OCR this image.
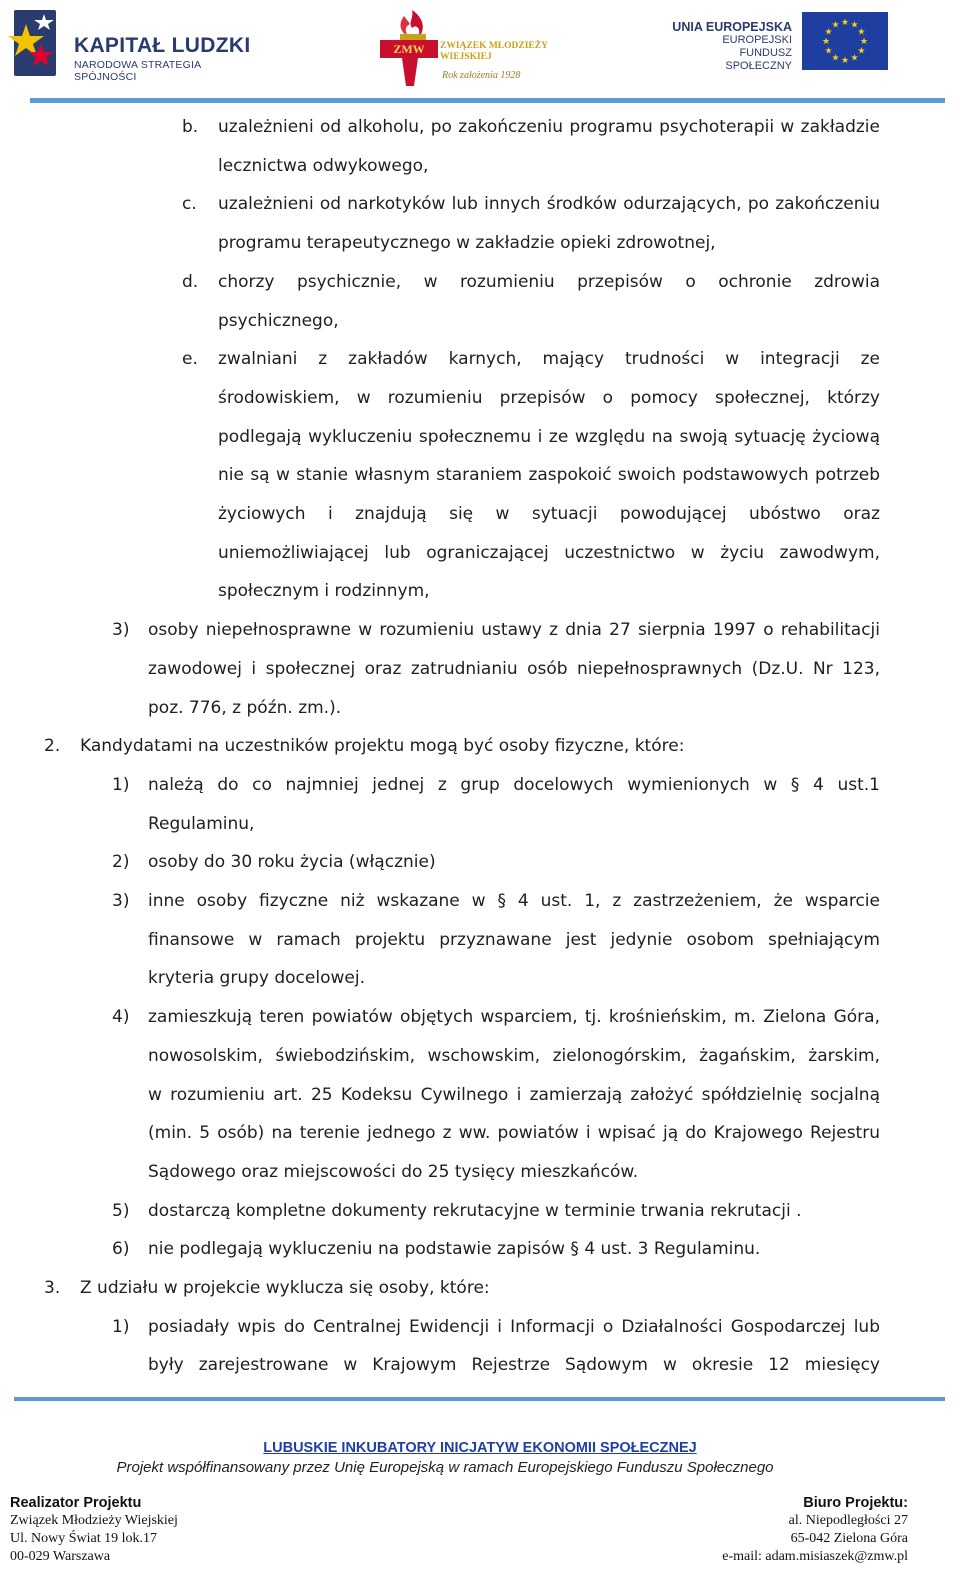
KAPITAŁ LUDZKI
NARODOWA STRATEGIA SPÓJNOŚCI
ZMW ZWIĄZEK MŁODZIEŻY
WIEJSKIEJ
Rok założenia 1928
UNIA EUROPEJSKA
EUROPEJSKI
FUNDUSZ SPOŁECZNY
★ ★
★
★
★
★
★
★
★
★
★
★
b. uzależnieni od alkoholu, po zakończeniu programu psychoterapii w zakładzie
lecznictwa odwykowego,
c. uzależnieni od narkotyków lub innych środków odurzających, po zakończeniu
programu terapeutycznego w zakładzie opieki zdrowotnej,
d. chorzy psychicznie, w rozumieniu przepisów o ochronie zdrowia
psychicznego,
e. zwalniani z zakładów karnych, mający trudności w integracji ze
środowiskiem, w rozumieniu przepisów o pomocy społecznej, którzy
podlegają wykluczeniu społecznemu i ze względu na swoją sytuację życiową
nie są w stanie własnym staraniem zaspokoić swoich podstawowych potrzeb
życiowych i znajdują się w sytuacji powodującej ubóstwo oraz
uniemożliwiającej lub ograniczającej uczestnictwo w życiu zawodwym,
społecznym i rodzinnym,
3) osoby niepełnosprawne w rozumieniu ustawy z dnia 27 sierpnia 1997 o rehabilitacji
zawodowej i społecznej oraz zatrudnianiu osób niepełnosprawnych (Dz.U. Nr 123,
poz. 776, z późn. zm.).
2. Kandydatami na uczestników projektu mogą być osoby fizyczne, które:
1) należą do co najmniej jednej z grup docelowych wymienionych w § 4 ust.1
Regulaminu,
2) osoby do 30 roku życia (włącznie)
3) inne osoby fizyczne niż wskazane w § 4 ust. 1, z zastrzeżeniem, że wsparcie
finansowe w ramach projektu przyznawane jest jedynie osobom spełniającym
kryteria grupy docelowej.
4) zamieszkują teren powiatów objętych wsparciem, tj. krośnieńskim, m. Zielona Góra,
nowosolskim, świebodzińskim, wschowskim, zielonogórskim, żagańskim, żarskim,
w rozumieniu art. 25 Kodeksu Cywilnego i zamierzają założyć spółdzielnię socjalną
(min. 5 osób) na terenie jednego z ww. powiatów i wpisać ją do Krajowego Rejestru
Sądowego oraz miejscowości do 25 tysięcy mieszkańców.
5) dostarczą kompletne dokumenty rekrutacyjne w terminie trwania rekrutacji .
6) nie podlegają wykluczeniu na podstawie zapisów § 4 ust. 3 Regulaminu.
3. Z udziału w projekcie wyklucza się osoby, które:
1) posiadały wpis do Centralnej Ewidencji i Informacji o Działalności Gospodarczej lub
były zarejestrowane w Krajowym Rejestrze Sądowym w okresie 12 miesięcy
LUBUSKIE INKUBATORY INICJATYW EKONOMII SPOŁECZNEJ
Projekt współfinansowany przez Unię Europejską w ramach Europejskiego Funduszu Społecznego
Realizator Projektu
Związek Młodzieży Wiejskiej
Ul. Nowy Świat 19 lok.17
00-029 Warszawa
Biuro Projektu:
al. Niepodległości 27
65-042 Zielona Góra
e-mail: adam.misiaszek@zmw.pl
